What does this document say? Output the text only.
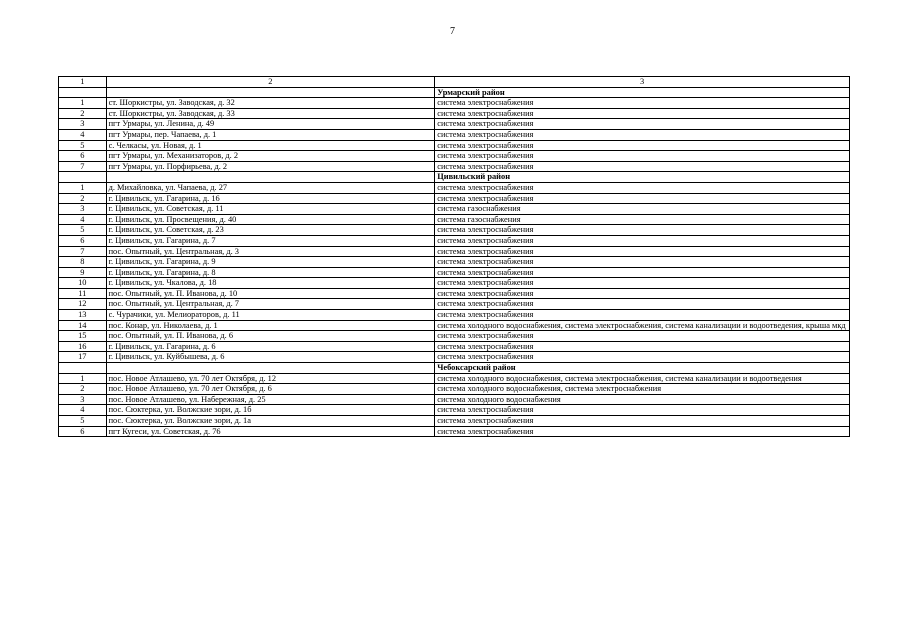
7
1	2	3
		Урмарский район
1	ст. Шоркистры, ул. Заводская, д. 32	система электроснабжения
2	ст. Шоркистры, ул. Заводская, д. 33	система электроснабжения
3	пгт Урмары, ул. Ленина, д. 49	система электроснабжения
4	пгт Урмары, пер. Чапаева, д. 1	система электроснабжения
5	с. Челкасы, ул. Новая, д. 1	система электроснабжения
6	пгт Урмары, ул. Механизаторов, д. 2	система электроснабжения
7	пгт Урмары, ул. Порфирьева, д. 2	система электроснабжения
		Цивильский район
1	д. Михайловка, ул. Чапаева, д. 27	система электроснабжения
2	г. Цивильск, ул. Гагарина, д. 16	система электроснабжения
3	г. Цивильск, ул. Советская, д. 11	система газоснабжения
4	г. Цивильск, ул. Просвещения, д. 40	система газоснабжения
5	г. Цивильск, ул. Советская, д. 23	система электроснабжения
6	г. Цивильск, ул. Гагарина, д. 7	система электроснабжения
7	пос. Опытный, ул. Центральная, д. 3	система электроснабжения
8	г. Цивильск, ул. Гагарина, д. 9	система электроснабжения
9	г. Цивильск, ул. Гагарина, д. 8	система электроснабжения
10	г. Цивильск, ул. Чкалова, д. 18	система электроснабжения
11	пос. Опытный, ул. П. Иванова, д. 10	система электроснабжения
12	пос. Опытный, ул. Центральная, д. 7	система электроснабжения
13	с. Чурачики, ул. Мелиораторов, д. 11	система электроснабжения
14	пос. Конар, ул. Николаева, д. 1	система холодного водоснабжения, система электроснабжения, система канализации и водоотведения, крыша мкд
15	пос. Опытный, ул. П. Иванова, д. 6	система электроснабжения
16	г. Цивильск, ул. Гагарина, д. 6	система электроснабжения
17	г. Цивильск, ул. Куйбышева, д. 6	система электроснабжения
		Чебоксарский район
1	пос. Новое Атлашево, ул. 70 лет Октября, д. 12	система холодного водоснабжения, система электроснабжения, система канализации и водоотведения
2	пос. Новое Атлашево, ул. 70 лет Октября, д. 6	система холодного водоснабжения, система электроснабжения
3	пос. Новое Атлашево, ул. Набережная, д. 25	система холодного водоснабжения
4	пос. Сюктерка, ул. Волжские зори, д. 1б	система электроснабжения
5	пос. Сюктерка, ул. Волжские зори, д. 1а	система электроснабжения
6	пгт Кугеси, ул. Советская, д. 76	система электроснабжения
